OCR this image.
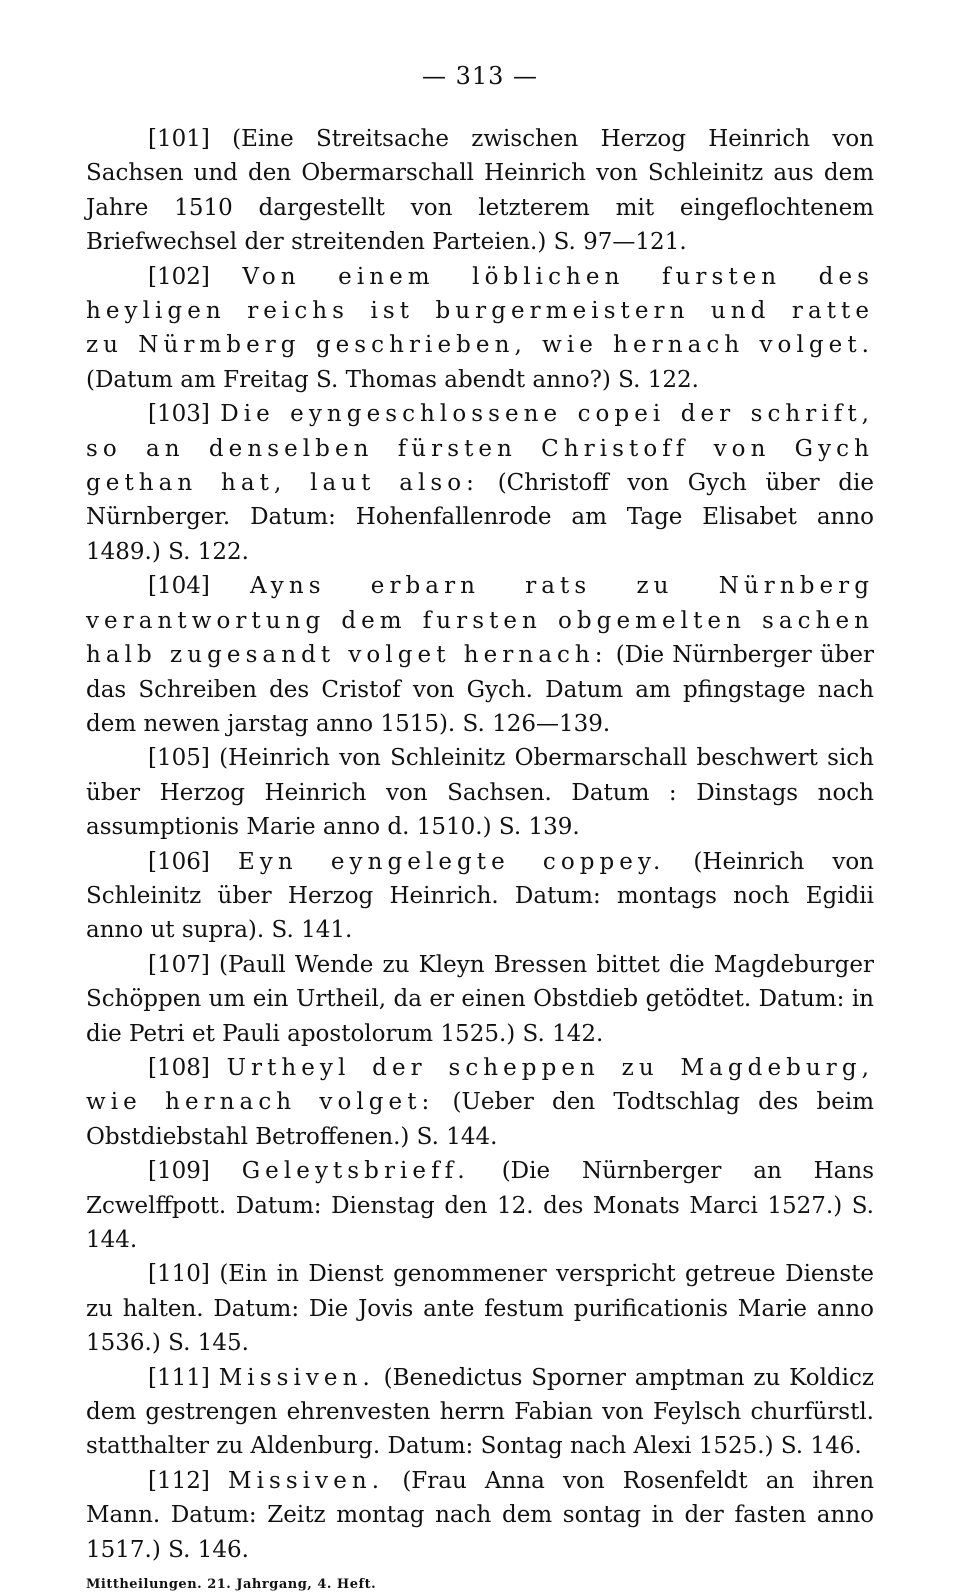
— 313 —

[101] (Eine Streitsache zwischen Herzog Heinrich von Sachsen und den Obermarschall Heinrich von Schleinitz aus dem Jahre 1510 dargestellt von letzterem mit eingeflochtenem Briefwechsel der streitenden Parteien.) S. 97—121.

[102] Von einem löblichen fursten des heyligen reichs ist burgermeistern und ratte zu Nürmberg geschrieben, wie hernach volget. (Datum am Freitag S. Thomas abendt anno?) S. 122.

[103] Die eyngeschlossene copei der schrift, so an denselben fürsten Christoff von Gych gethan hat, laut also: (Christoff von Gych über die Nürnberger. Datum: Hohenfallenrode am Tage Elisabet anno 1489.) S. 122.

[104] Ayns erbarn rats zu Nürnberg verantwortung dem fursten obgemelten sachen halb zugesandt volget hernach: (Die Nürnberger über das Schreiben des Cristof von Gych. Datum am pfingstage nach dem newen jarstag anno 1515). S. 126—139.

[105] (Heinrich von Schleinitz Obermarschall beschwert sich über Herzog Heinrich von Sachsen. Datum : Dinstags noch assumptionis Marie anno d. 1510.) S. 139.

[106] Eyn eyngelegte coppey. (Heinrich von Schleinitz über Herzog Heinrich. Datum: montags noch Egidii anno ut supra). S. 141.

[107] (Paull Wende zu Kleyn Bressen bittet die Magdeburger Schöppen um ein Urtheil, da er einen Obstdieb getödtet. Datum: in die Petri et Pauli apostolorum 1525.) S. 142.

[108] Urtheyl der scheppen zu Magdeburg, wie hernach volget: (Ueber den Todtschlag des beim Obstdiebstahl Betroffenen.) S. 144.

[109] Geleytsbrieff. (Die Nürnberger an Hans Zcwelffpott. Datum: Dienstag den 12. des Monats Marci 1527.) S. 144.

[110] (Ein in Dienst genommener verspricht getreue Dienste zu halten. Datum: Die Jovis ante festum purificationis Marie anno 1536.) S. 145.

[111] Missiven. (Benedictus Sporner amptman zu Koldicz dem gestrengen ehrenvesten herrn Fabian von Feylsch churfürstl. statthalter zu Aldenburg. Datum: Sontag nach Alexi 1525.) S. 146.

[112] Missiven. (Frau Anna von Rosenfeldt an ihren Mann. Datum: Zeitz montag nach dem sontag in der fasten anno 1517.) S. 146.

Mittheilungen. 21. Jahrgang, 4. Heft.
